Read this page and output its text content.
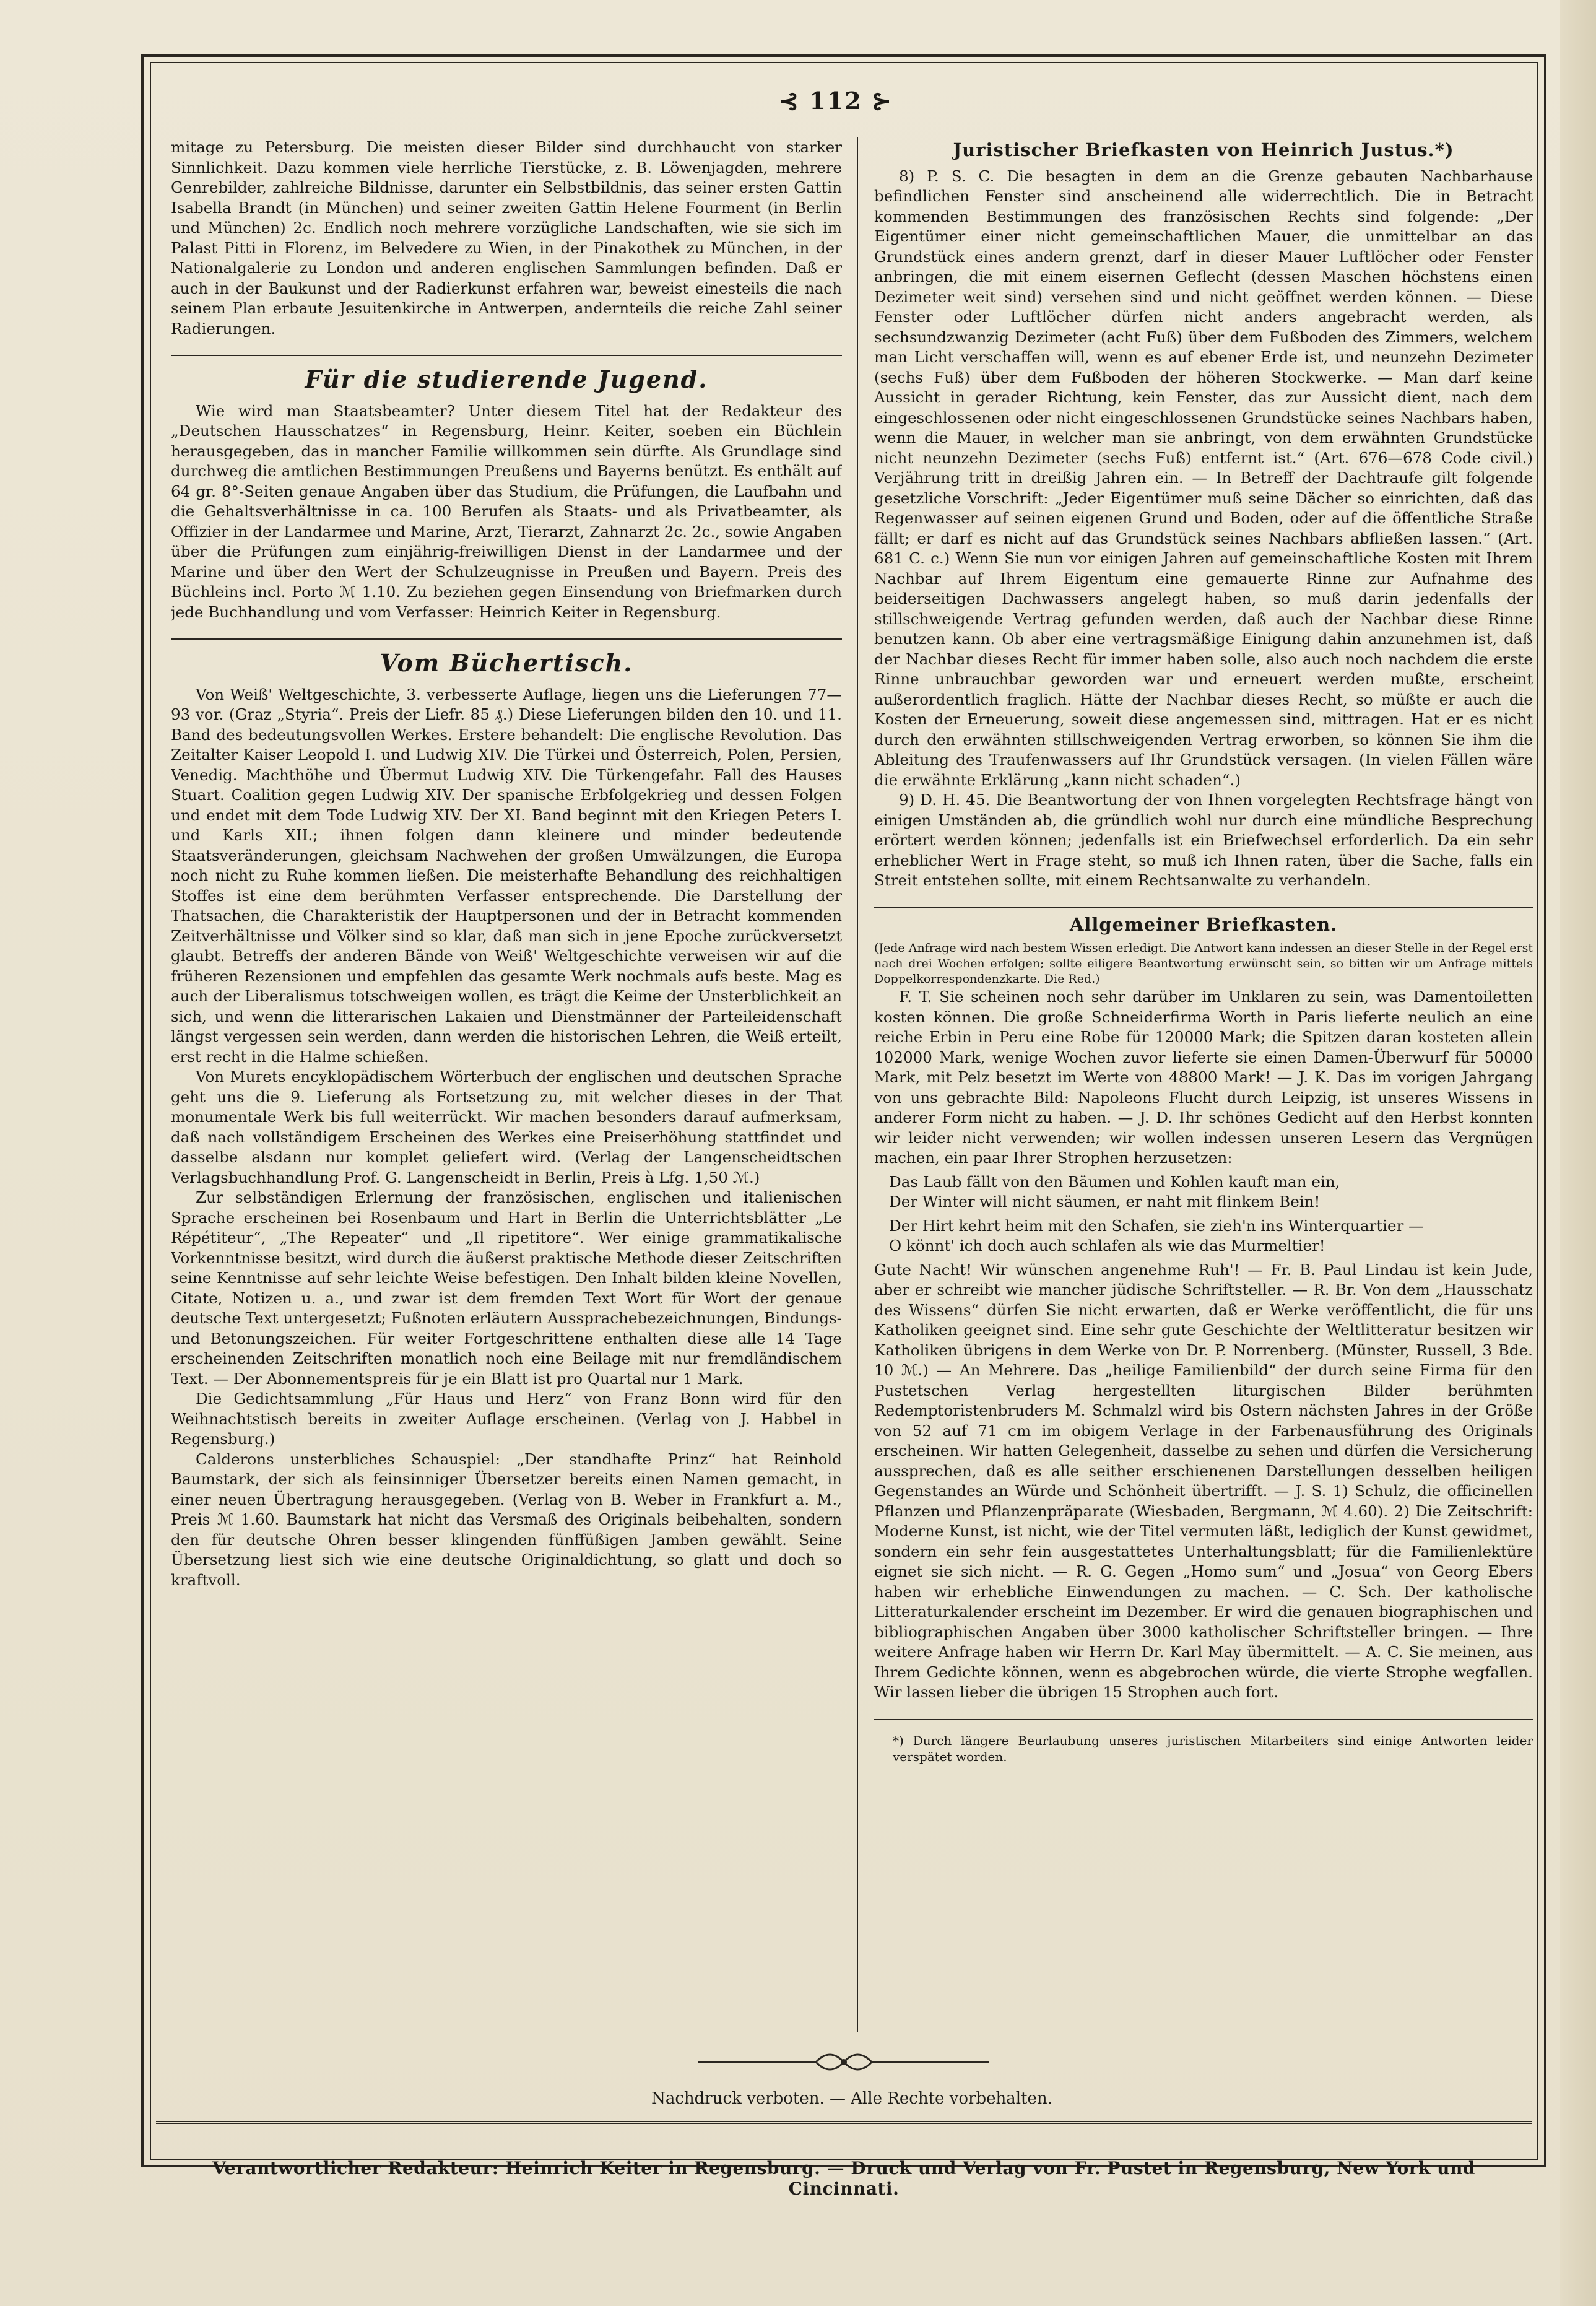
⊰ 112 ⊱

mitage zu Petersburg. Die meisten dieser Bilder sind durchhaucht von starker Sinnlichkeit. Dazu kommen viele herrliche Tierstücke, z. B. Löwenjagden, mehrere Genrebilder, zahlreiche Bildnisse, darunter ein Selbstbildnis, das seiner ersten Gattin Isabella Brandt (in München) und seiner zweiten Gattin Helene Fourment (in Berlin und München) 2c. Endlich noch mehrere vorzügliche Landschaften, wie sie sich im Palast Pitti in Florenz, im Belvedere zu Wien, in der Pinakothek zu München, in der Nationalgalerie zu London und anderen englischen Sammlungen befinden. Daß er auch in der Baukunst und der Radierkunst erfahren war, beweist einesteils die nach seinem Plan erbaute Jesuitenkirche in Antwerpen, andernteils die reiche Zahl seiner Radierungen.

Für die studierende Jugend.

Wie wird man Staatsbeamter? Unter diesem Titel hat der Redakteur des „Deutschen Hausschatzes“ in Regensburg, Heinr. Keiter, soeben ein Büchlein herausgegeben, das in mancher Familie willkommen sein dürfte. Als Grundlage sind durchweg die amtlichen Bestimmungen Preußens und Bayerns benützt. Es enthält auf 64 gr. 8°-Seiten genaue Angaben über das Studium, die Prüfungen, die Laufbahn und die Gehaltsverhältnisse in ca. 100 Berufen als Staats- und als Privatbeamter, als Offizier in der Landarmee und Marine, Arzt, Tierarzt, Zahnarzt 2c. 2c., sowie Angaben über die Prüfungen zum einjährig-freiwilligen Dienst in der Landarmee und der Marine und über den Wert der Schulzeugnisse in Preußen und Bayern. Preis des Büchleins incl. Porto ℳ 1.10. Zu beziehen gegen Einsendung von Briefmarken durch jede Buchhandlung und vom Verfasser: Heinrich Keiter in Regensburg.

Vom Büchertisch.

Von Weiß' Weltgeschichte, 3. verbesserte Auflage, liegen uns die Lieferungen 77—93 vor. (Graz „Styria“. Preis der Liefr. 85 ₰.) Diese Lieferungen bilden den 10. und 11. Band des bedeutungsvollen Werkes. Erstere behandelt: Die englische Revolution. Das Zeitalter Kaiser Leopold I. und Ludwig XIV. Die Türkei und Österreich, Polen, Persien, Venedig. Machthöhe und Übermut Ludwig XIV. Die Türkengefahr. Fall des Hauses Stuart. Coalition gegen Ludwig XIV. Der spanische Erbfolgekrieg und dessen Folgen und endet mit dem Tode Ludwig XIV. Der XI. Band beginnt mit den Kriegen Peters I. und Karls XII.; ihnen folgen dann kleinere und minder bedeutende Staatsveränderungen, gleichsam Nachwehen der großen Umwälzungen, die Europa noch nicht zu Ruhe kommen ließen. Die meisterhafte Behandlung des reichhaltigen Stoffes ist eine dem berühmten Verfasser entsprechende. Die Darstellung der Thatsachen, die Charakteristik der Hauptpersonen und der in Betracht kommenden Zeitverhältnisse und Völker sind so klar, daß man sich in jene Epoche zurückversetzt glaubt. Betreffs der anderen Bände von Weiß' Weltgeschichte verweisen wir auf die früheren Rezensionen und empfehlen das gesamte Werk nochmals aufs beste. Mag es auch der Liberalismus totschweigen wollen, es trägt die Keime der Unsterblichkeit an sich, und wenn die litterarischen Lakaien und Dienstmänner der Parteileidenschaft längst vergessen sein werden, dann werden die historischen Lehren, die Weiß erteilt, erst recht in die Halme schießen.

Von Murets encyklopädischem Wörterbuch der englischen und deutschen Sprache geht uns die 9. Lieferung als Fortsetzung zu, mit welcher dieses in der That monumentale Werk bis full weiterrückt. Wir machen besonders darauf aufmerksam, daß nach vollständigem Erscheinen des Werkes eine Preiserhöhung stattfindet und dasselbe alsdann nur komplet geliefert wird. (Verlag der Langenscheidtschen Verlagsbuchhandlung Prof. G. Langenscheidt in Berlin, Preis à Lfg. 1,50 ℳ.)

Zur selbständigen Erlernung der französischen, englischen und italienischen Sprache erscheinen bei Rosenbaum und Hart in Berlin die Unterrichtsblätter „Le Répétiteur“, „The Repeater“ und „Il ripetitore“. Wer einige grammatikalische Vorkenntnisse besitzt, wird durch die äußerst praktische Methode dieser Zeitschriften seine Kenntnisse auf sehr leichte Weise befestigen. Den Inhalt bilden kleine Novellen, Citate, Notizen u. a., und zwar ist dem fremden Text Wort für Wort der genaue deutsche Text untergesetzt; Fußnoten erläutern Aussprachebezeichnungen, Bindungs- und Betonungszeichen. Für weiter Fortgeschrittene enthalten diese alle 14 Tage erscheinenden Zeitschriften monatlich noch eine Beilage mit nur fremdländischem Text. — Der Abonnementspreis für je ein Blatt ist pro Quartal nur 1 Mark.

Die Gedichtsammlung „Für Haus und Herz“ von Franz Bonn wird für den Weihnachtstisch bereits in zweiter Auflage erscheinen. (Verlag von J. Habbel in Regensburg.)

Calderons unsterbliches Schauspiel: „Der standhafte Prinz“ hat Reinhold Baumstark, der sich als feinsinniger Übersetzer bereits einen Namen gemacht, in einer neuen Übertragung herausgegeben. (Verlag von B. Weber in Frankfurt a. M., Preis ℳ 1.60. Baumstark hat nicht das Versmaß des Originals beibehalten, sondern den für deutsche Ohren besser klingenden fünffüßigen Jamben gewählt. Seine Übersetzung liest sich wie eine deutsche Originaldichtung, so glatt und doch so kraftvoll.

Juristischer Briefkasten von Heinrich Justus.*)

8) P. S. C. Die besagten in dem an die Grenze gebauten Nachbarhause befindlichen Fenster sind anscheinend alle widerrechtlich. Die in Betracht kommenden Bestimmungen des französischen Rechts sind folgende: „Der Eigentümer einer nicht gemeinschaftlichen Mauer, die unmittelbar an das Grundstück eines andern grenzt, darf in dieser Mauer Luftlöcher oder Fenster anbringen, die mit einem eisernen Geflecht (dessen Maschen höchstens einen Dezimeter weit sind) versehen sind und nicht geöffnet werden können. — Diese Fenster oder Luftlöcher dürfen nicht anders angebracht werden, als sechsundzwanzig Dezimeter (acht Fuß) über dem Fußboden des Zimmers, welchem man Licht verschaffen will, wenn es auf ebener Erde ist, und neunzehn Dezimeter (sechs Fuß) über dem Fußboden der höheren Stockwerke. — Man darf keine Aussicht in gerader Richtung, kein Fenster, das zur Aussicht dient, nach dem eingeschlossenen oder nicht eingeschlossenen Grundstücke seines Nachbars haben, wenn die Mauer, in welcher man sie anbringt, von dem erwähnten Grundstücke nicht neunzehn Dezimeter (sechs Fuß) entfernt ist.“ (Art. 676—678 Code civil.) Verjährung tritt in dreißig Jahren ein. — In Betreff der Dachtraufe gilt folgende gesetzliche Vorschrift: „Jeder Eigentümer muß seine Dächer so einrichten, daß das Regenwasser auf seinen eigenen Grund und Boden, oder auf die öffentliche Straße fällt; er darf es nicht auf das Grundstück seines Nachbars abfließen lassen.“ (Art. 681 C. c.) Wenn Sie nun vor einigen Jahren auf gemeinschaftliche Kosten mit Ihrem Nachbar auf Ihrem Eigentum eine gemauerte Rinne zur Aufnahme des beiderseitigen Dachwassers angelegt haben, so muß darin jedenfalls der stillschweigende Vertrag gefunden werden, daß auch der Nachbar diese Rinne benutzen kann. Ob aber eine vertragsmäßige Einigung dahin anzunehmen ist, daß der Nachbar dieses Recht für immer haben solle, also auch noch nachdem die erste Rinne unbrauchbar geworden war und erneuert werden mußte, erscheint außerordentlich fraglich. Hätte der Nachbar dieses Recht, so müßte er auch die Kosten der Erneuerung, soweit diese angemessen sind, mittragen. Hat er es nicht durch den erwähnten stillschweigenden Vertrag erworben, so können Sie ihm die Ableitung des Traufenwassers auf Ihr Grundstück versagen. (In vielen Fällen wäre die erwähnte Erklärung „kann nicht schaden“.)

9) D. H. 45. Die Beantwortung der von Ihnen vorgelegten Rechtsfrage hängt von einigen Umständen ab, die gründlich wohl nur durch eine mündliche Besprechung erörtert werden können; jedenfalls ist ein Briefwechsel erforderlich. Da ein sehr erheblicher Wert in Frage steht, so muß ich Ihnen raten, über die Sache, falls ein Streit entstehen sollte, mit einem Rechtsanwalte zu verhandeln.

Allgemeiner Briefkasten.

(Jede Anfrage wird nach bestem Wissen erledigt. Die Antwort kann indessen an dieser Stelle in der Regel erst nach drei Wochen erfolgen; sollte eiligere Beantwortung erwünscht sein, so bitten wir um Anfrage mittels Doppelkorrespondenzkarte. Die Red.)

F. T. Sie scheinen noch sehr darüber im Unklaren zu sein, was Damentoiletten kosten können. Die große Schneiderfirma Worth in Paris lieferte neulich an eine reiche Erbin in Peru eine Robe für 120000 Mark; die Spitzen daran kosteten allein 102000 Mark, wenige Wochen zuvor lieferte sie einen Damen-Überwurf für 50000 Mark, mit Pelz besetzt im Werte von 48800 Mark! — J. K. Das im vorigen Jahrgang von uns gebrachte Bild: Napoleons Flucht durch Leipzig, ist unseres Wissens in anderer Form nicht zu haben. — J. D. Ihr schönes Gedicht auf den Herbst konnten wir leider nicht verwenden; wir wollen indessen unseren Lesern das Vergnügen machen, ein paar Ihrer Strophen herzusetzen:

Das Laub fällt von den Bäumen und Kohlen kauft man ein,
Der Winter will nicht säumen, er naht mit flinkem Bein!
Der Hirt kehrt heim mit den Schafen, sie zieh'n ins Winterquartier —
O könnt' ich doch auch schlafen als wie das Murmeltier!

Gute Nacht! Wir wünschen angenehme Ruh'! — Fr. B. Paul Lindau ist kein Jude, aber er schreibt wie mancher jüdische Schriftsteller. — R. Br. Von dem „Hausschatz des Wissens“ dürfen Sie nicht erwarten, daß er Werke veröffentlicht, die für uns Katholiken geeignet sind. Eine sehr gute Geschichte der Weltlitteratur besitzen wir Katholiken übrigens in dem Werke von Dr. P. Norrenberg. (Münster, Russell, 3 Bde. 10 ℳ.) — An Mehrere. Das „heilige Familienbild“ der durch seine Firma für den Pustetschen Verlag hergestellten liturgischen Bilder berühmten Redemptoristenbruders M. Schmalzl wird bis Ostern nächsten Jahres in der Größe von 52 auf 71 cm im obigem Verlage in der Farbenausführung des Originals erscheinen. Wir hatten Gelegenheit, dasselbe zu sehen und dürfen die Versicherung aussprechen, daß es alle seither erschienenen Darstellungen desselben heiligen Gegenstandes an Würde und Schönheit übertrifft. — J. S. 1) Schulz, die officinellen Pflanzen und Pflanzenpräparate (Wiesbaden, Bergmann, ℳ 4.60). 2) Die Zeitschrift: Moderne Kunst, ist nicht, wie der Titel vermuten läßt, lediglich der Kunst gewidmet, sondern ein sehr fein ausgestattetes Unterhaltungsblatt; für die Familienlektüre eignet sie sich nicht. — R. G. Gegen „Homo sum“ und „Josua“ von Georg Ebers haben wir erhebliche Einwendungen zu machen. — C. Sch. Der katholische Litteraturkalender erscheint im Dezember. Er wird die genauen biographischen und bibliographischen Angaben über 3000 katholischer Schriftsteller bringen. — Ihre weitere Anfrage haben wir Herrn Dr. Karl May übermittelt. — A. C. Sie meinen, aus Ihrem Gedichte können, wenn es abgebrochen würde, die vierte Strophe wegfallen. Wir lassen lieber die übrigen 15 Strophen auch fort.

*) Durch längere Beurlaubung unseres juristischen Mitarbeiters sind einige Antworten leider verspätet worden.

Nachdruck verboten. — Alle Rechte vorbehalten.
Verantwortlicher Redakteur: Heinrich Keiter in Regensburg. — Druck und Verlag von Fr. Pustet in Regensburg, New York und Cincinnati.
